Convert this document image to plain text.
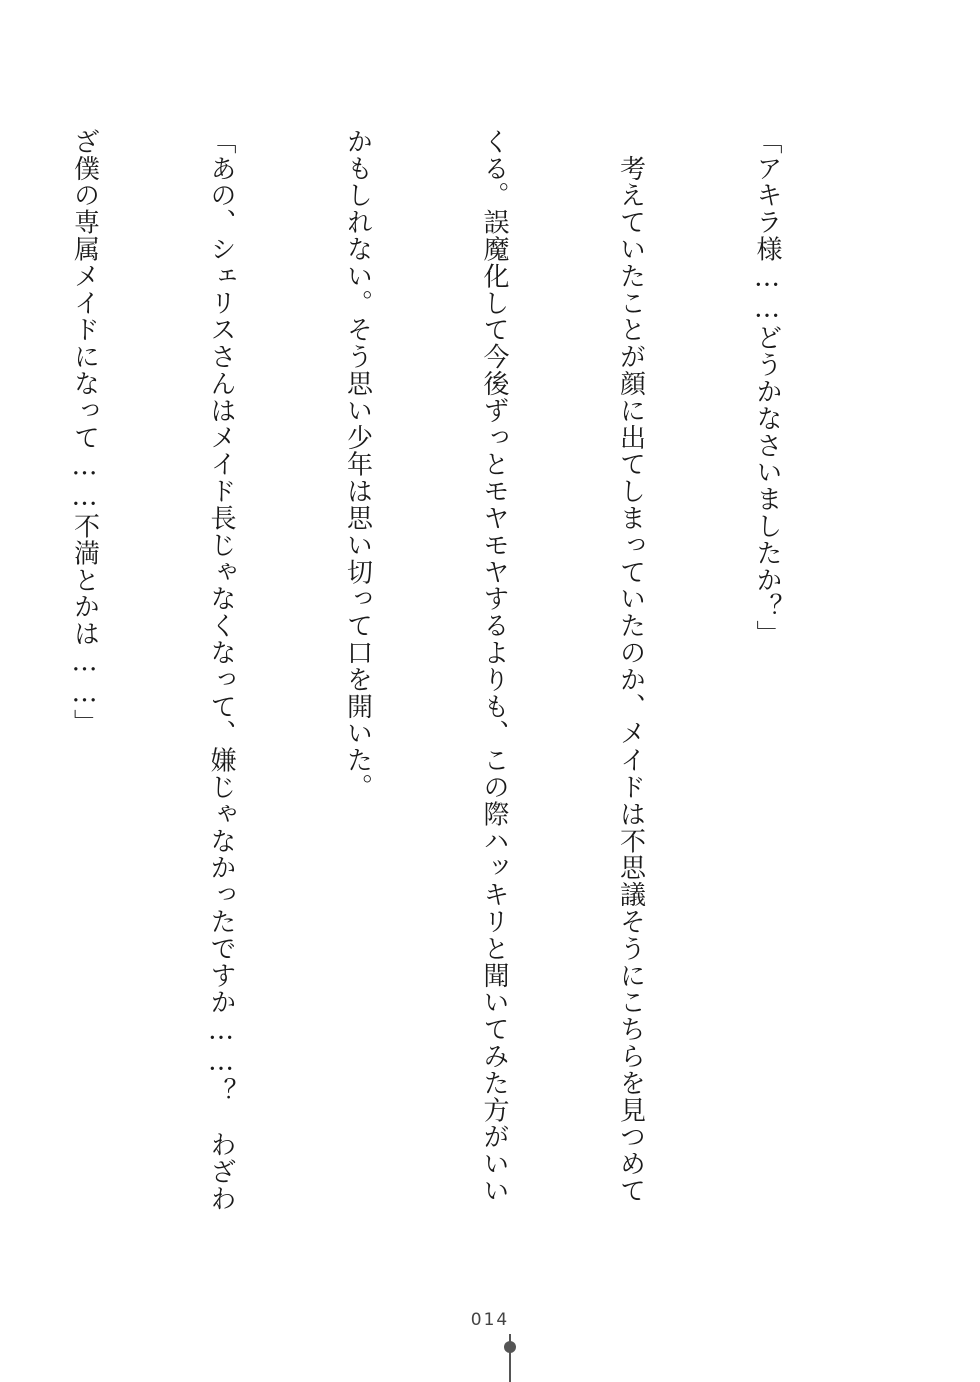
「アキラ様……どうかなさいましたか？」

　考えていたことが顔に出てしまっていたのか、メイドは不思議そうにこちらを見つめて

くる。誤魔化して今後ずっとモヤモヤするよりも、この際ハッキリと聞いてみた方がいい

かもしれない。そう思い少年は思い切って口を開いた。

「あの、シェリスさんはメイド長じゃなくなって、嫌じゃなかったですか……？　わざわ

ざ僕の専属メイドになって……不満とかは……」

014
